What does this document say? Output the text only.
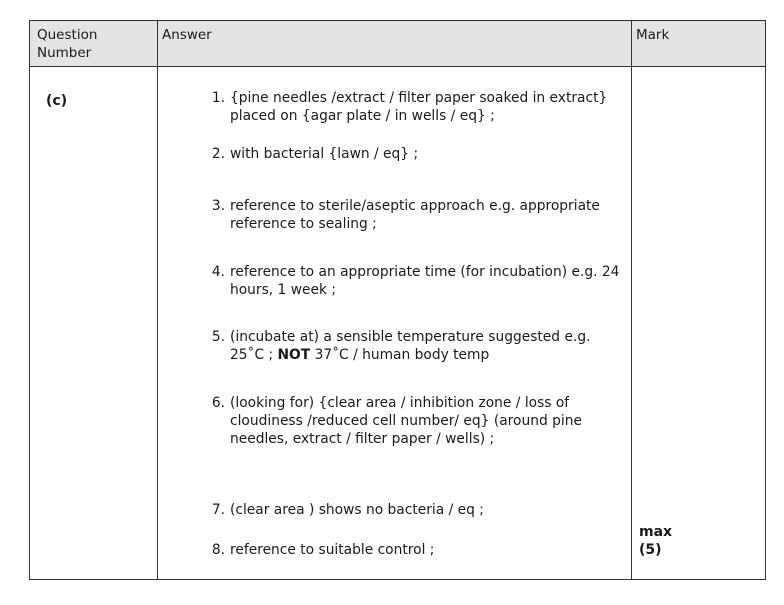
Question Number
Answer	Mark
(c)	1. {pine needles /extract / filter paper soaked in extract} placed on {agar plate / in wells / eq} ;
2. with bacterial {lawn / eq} ;
3. reference to sterile/aseptic approach e.g. appropriate reference to sealing ;
4. reference to an appropriate time (for incubation) e.g. 24 hours, 1 week ;
5. (incubate at) a sensible temperature suggested e.g. 25˚C ; NOT 37˚C / human body temp
6. (looking for) {clear area / inhibition zone / loss of cloudiness /reduced cell number/ eq} (around pine needles, extract / filter paper / wells) ;
7. (clear area ) shows no bacteria / eq ;
8. reference to suitable control ;
max
(5)
